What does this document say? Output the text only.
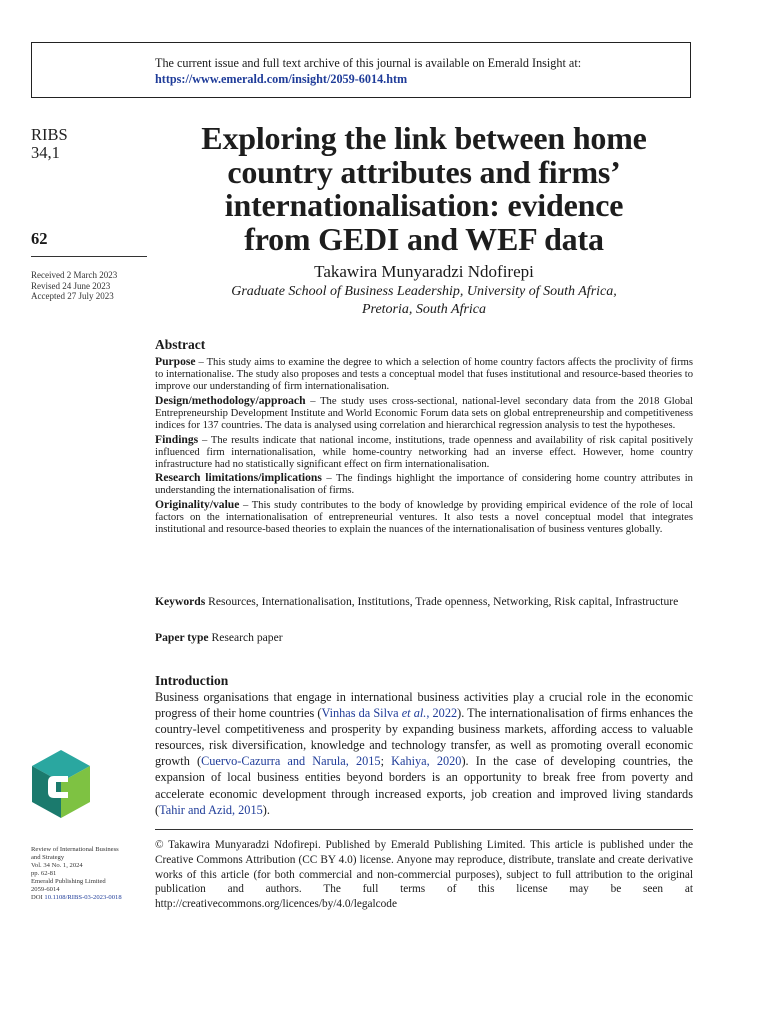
The current issue and full text archive of this journal is available on Emerald Insight at:
https://www.emerald.com/insight/2059-6014.htm
RIBS
34,1
62
Received 2 March 2023
Revised 24 June 2023
Accepted 27 July 2023
Review of International Business
and Strategy
Vol. 34 No. 1, 2024
pp. 62-81
Emerald Publishing Limited
2059-6014
DOI 10.1108/RIBS-03-2023-0018
Exploring the link between home
country attributes and firms’
internationalisation: evidence
from GEDI and WEF data
Takawira Munyaradzi Ndofirepi
Graduate School of Business Leadership, University of South Africa,
Pretoria, South Africa
Abstract

Purpose – This study aims to examine the degree to which a selection of home country factors affects the proclivity of firms to internationalise. The study also proposes and tests a conceptual model that fuses institutional and resource-based theories to improve our understanding of firm internationalisation.

Design/methodology/approach – The study uses cross-sectional, national-level secondary data from the 2018 Global Entrepreneurship Development Institute and World Economic Forum data sets on global entrepreneurship and competitiveness indices for 137 countries. The data is analysed using correlation and hierarchical regression analysis to test the hypotheses.

Findings – The results indicate that national income, institutions, trade openness and availability of risk capital positively influenced firm internationalisation, while home-country networking had an inverse effect. However, home country infrastructure had no statistically significant effect on firm internationalisation.

Research limitations/implications – The findings highlight the importance of considering home country attributes in understanding the internationalisation of firms.

Originality/value – This study contributes to the body of knowledge by providing empirical evidence of the role of local factors on the internationalisation of entrepreneurial ventures. It also tests a novel conceptual model that integrates institutional and resource-based theories to explain the nuances of the internationalisation of business ventures globally.

Keywords Resources, Internationalisation, Institutions, Trade openness, Networking, Risk capital, Infrastructure
Paper type Research paper
Introduction
Business organisations that engage in international business activities play a crucial role in the economic progress of their home countries (Vinhas da Silva et al., 2022). The internationalisation of firms enhances the country-level competitiveness and prosperity by expanding business markets, affording access to valuable resources, risk diversification, knowledge and technology transfer, as well as promoting overall economic growth (Cuervo-Cazurra and Narula, 2015; Kahiya, 2020). In the case of developing countries, the expansion of local business entities beyond borders is an opportunity to break free from poverty and accelerate economic development through increased exports, job creation and improved living standards (Tahir and Azid, 2015).
© Takawira Munyaradzi Ndofirepi. Published by Emerald Publishing Limited. This article is published under the Creative Commons Attribution (CC BY 4.0) license. Anyone may reproduce, distribute, translate and create derivative works of this article (for both commercial and non-commercial purposes), subject to full attribution to the original publication and authors. The full terms of this license may be seen at http://creativecommons.org/licences/by/4.0/legalcode
